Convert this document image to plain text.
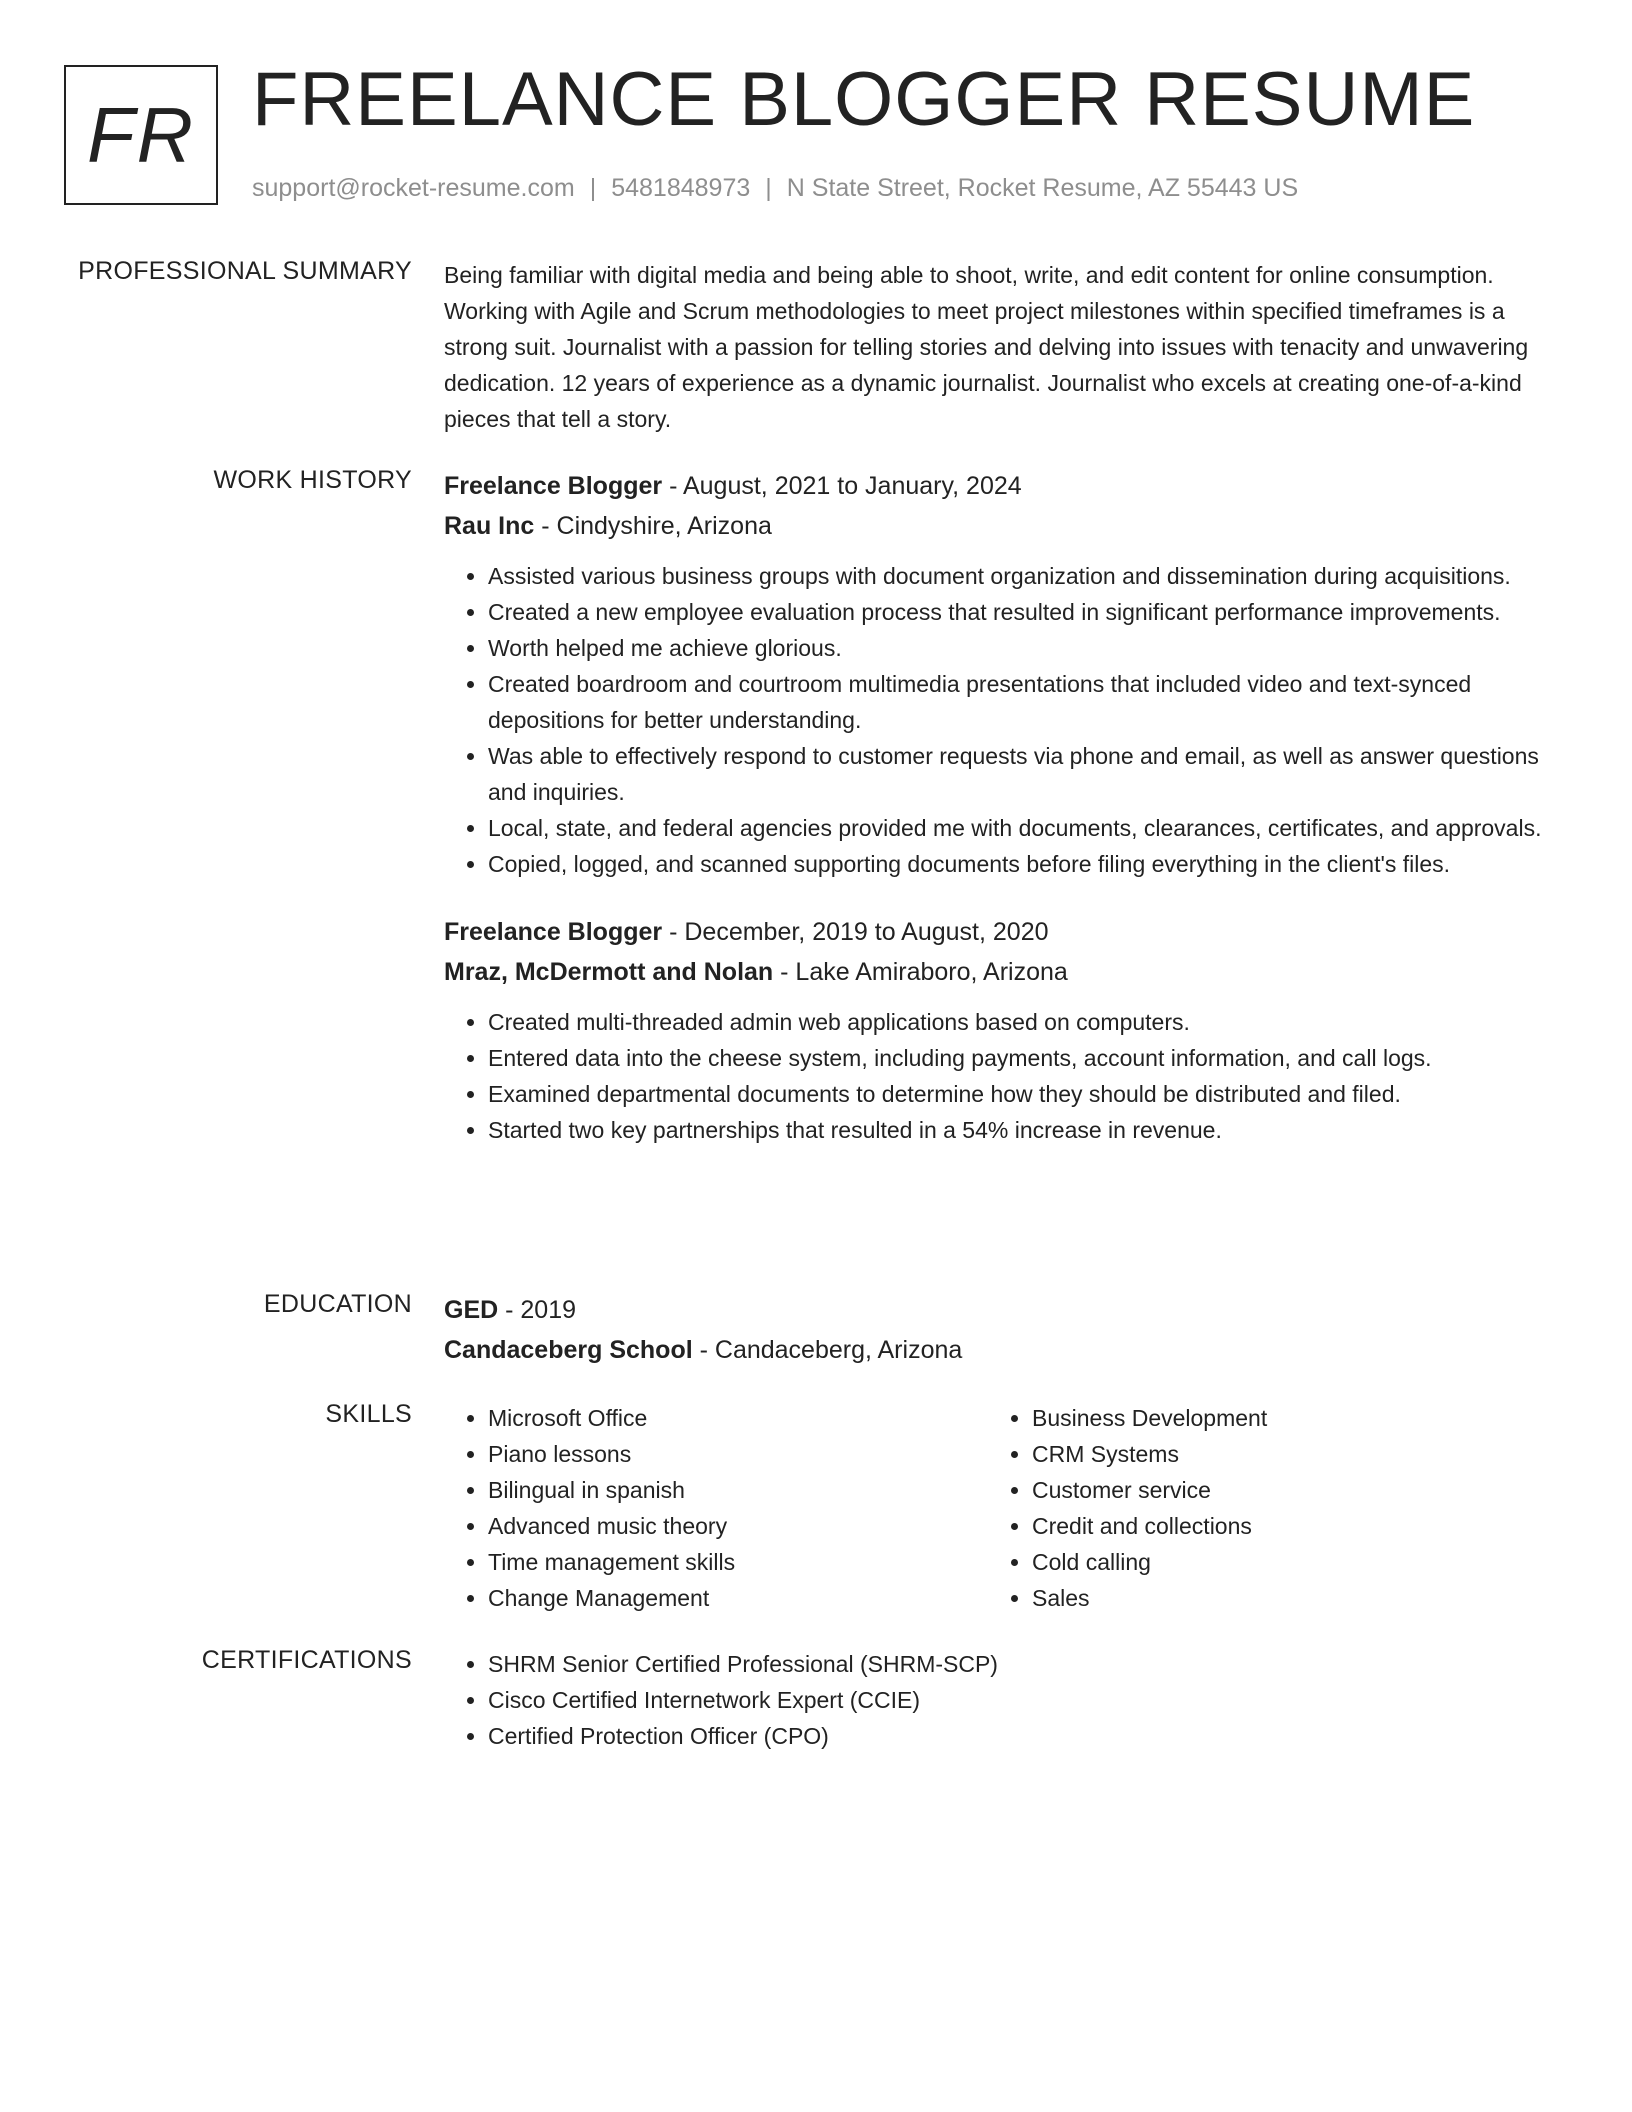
FR FREELANCE BLOGGER RESUME
support@rocket-resume.com | 5481848973 | N State Street, Rocket Resume, AZ 55443 US
PROFESSIONAL SUMMARY Being familiar with digital media and being able to shoot, write, and edit content for online consumption. Working with Agile and Scrum methodologies to meet project milestones within specified timeframes is a strong suit. Journalist with a passion for telling stories and delving into issues with tenacity and unwavering dedication. 12 years of experience as a dynamic journalist. Journalist who excels at creating one-of-a-kind pieces that tell a story.

WORK HISTORY Freelance Blogger - August, 2021 to January, 2024

Rau Inc - Cindyshire, Arizona

• Assisted various business groups with document organization and dissemination during acquisitions.
• Created a new employee evaluation process that resulted in significant performance improvements.
• Worth helped me achieve glorious.
• Created boardroom and courtroom multimedia presentations that included video and text-synced depositions for better understanding.
• Was able to effectively respond to customer requests via phone and email, as well as answer questions and inquiries.
• Local, state, and federal agencies provided me with documents, clearances, certificates, and approvals.
• Copied, logged, and scanned supporting documents before filing everything in the client's files.

Freelance Blogger - December, 2019 to August, 2020

Mraz, McDermott and Nolan - Lake Amiraboro, Arizona

• Created multi-threaded admin web applications based on computers.
• Entered data into the cheese system, including payments, account information, and call logs.
• Examined departmental documents to determine how they should be distributed and filed.
• Started two key partnerships that resulted in a 54% increase in revenue.
EDUCATION GED - 2019

Candaceberg School - Candaceberg, Arizona

SKILLS	• Microsoft Office
• Piano lessons
• Bilingual in spanish
• Advanced music theory
• Time management skills
• Change Management
• Business Development
• CRM Systems
• Customer service
• Credit and collections
• Cold calling
• Sales
CERTIFICATIONS	• SHRM Senior Certified Professional (SHRM-SCP)
• Cisco Certified Internetwork Expert (CCIE)
• Certified Protection Officer (CPO)
